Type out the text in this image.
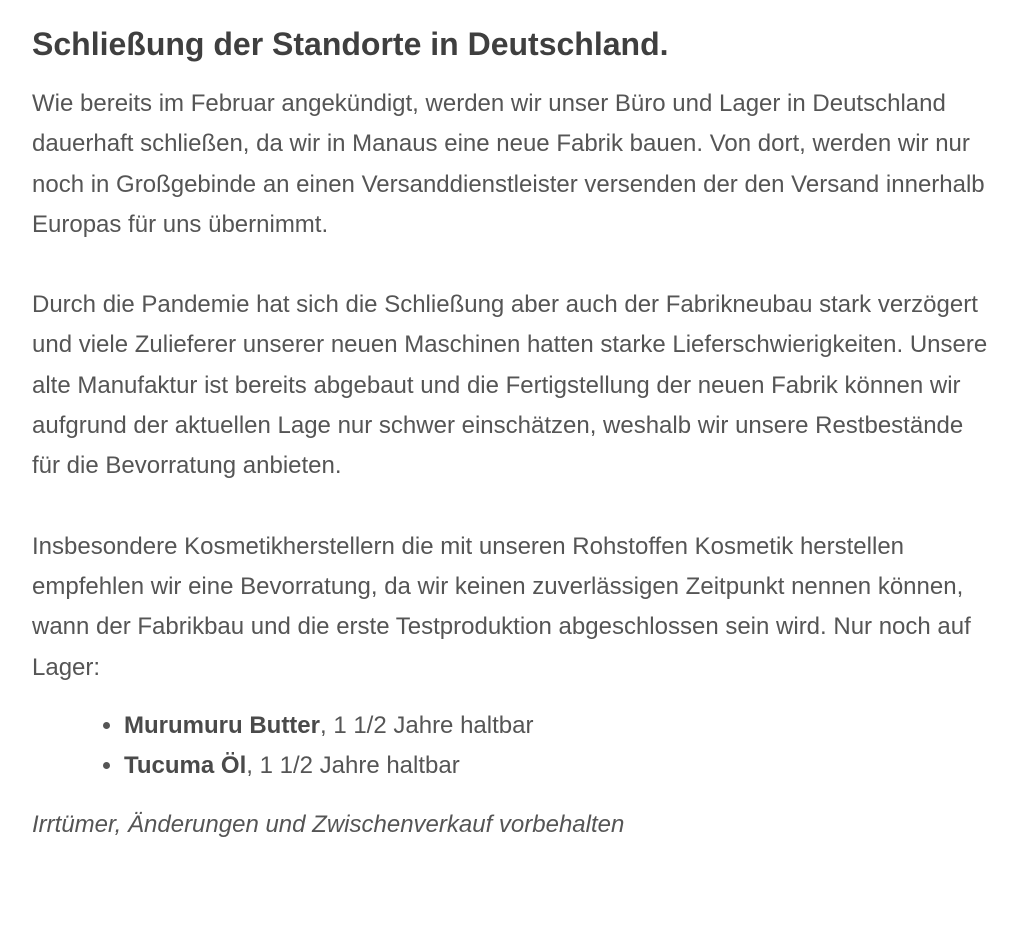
Schließung der Standorte in Deutschland.

Wie bereits im Februar angekündigt, werden wir unser Büro und Lager in Deutschland dauerhaft schließen, da wir in Manaus eine neue Fabrik bauen. Von dort, werden wir nur noch in Großgebinde an einen Versanddienstleister versenden der den Versand innerhalb Europas für uns übernimmt.

Durch die Pandemie hat sich die Schließung aber auch der Fabrikneubau stark verzögert und viele Zulieferer unserer neuen Maschinen hatten starke Lieferschwierigkeiten. Unsere alte Manufaktur ist bereits abgebaut und die Fertigstellung der neuen Fabrik können wir aufgrund der aktuellen Lage nur schwer einschätzen, weshalb wir unsere Restbestände für die Bevorratung anbieten.

Insbesondere Kosmetikherstellern die mit unseren Rohstoffen Kosmetik herstellen empfehlen wir eine Bevorratung, da wir keinen zuverlässigen Zeitpunkt nennen können, wann der Fabrikbau und die erste Testproduktion abgeschlossen sein wird. Nur noch auf Lager:

• Murumuru Butter, 1 1/2 Jahre haltbar
• Tucuma Öl, 1 1/2 Jahre haltbar

Irrtümer, Änderungen und Zwischenverkauf vorbehalten
